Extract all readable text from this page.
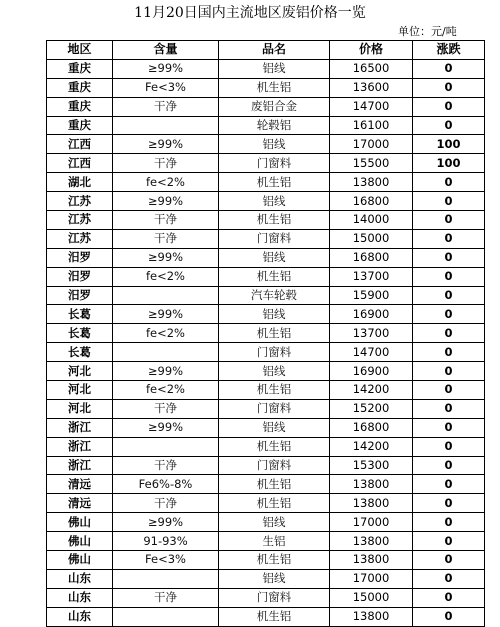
11月20日国内主流地区废铝价格一览
单位：元/吨
地区	含量	品名	价格	涨跌
重庆	≥99%	铝线	16500	0
重庆	Fe<3%	机生铝	13600	0
重庆	干净	废铝合金	14700	0
重庆		轮毂铝	16100	0
江西	≥99%	铝线	17000	100
江西	干净	门窗料	15500	100
湖北	fe<2%	机生铝	13800	0
江苏	≥99%	铝线	16800	0
江苏	干净	机生铝	14000	0
江苏	干净	门窗料	15000	0
汨罗	≥99%	铝线	16800	0
汨罗	fe<2%	机生铝	13700	0
汨罗		汽车轮毂	15900	0
长葛	≥99%	铝线	16900	0
长葛	fe<2%	机生铝	13700	0
长葛		门窗料	14700	0
河北	≥99%	铝线	16900	0
河北	fe<2%	机生铝	14200	0
河北	干净	门窗料	15200	0
浙江	≥99%	铝线	16800	0
浙江		机生铝	14200	0
浙江	干净	门窗料	15300	0
清远	Fe6%-8%	机生铝	13800	0
清远	干净	机生铝	13800	0
佛山	≥99%	铝线	17000	0
佛山	91-93%	生铝	13800	0
佛山	Fe<3%	机生铝	13800	0
山东		铝线	17000	0
山东	干净	门窗料	15000	0
山东		机生铝	13800	0
